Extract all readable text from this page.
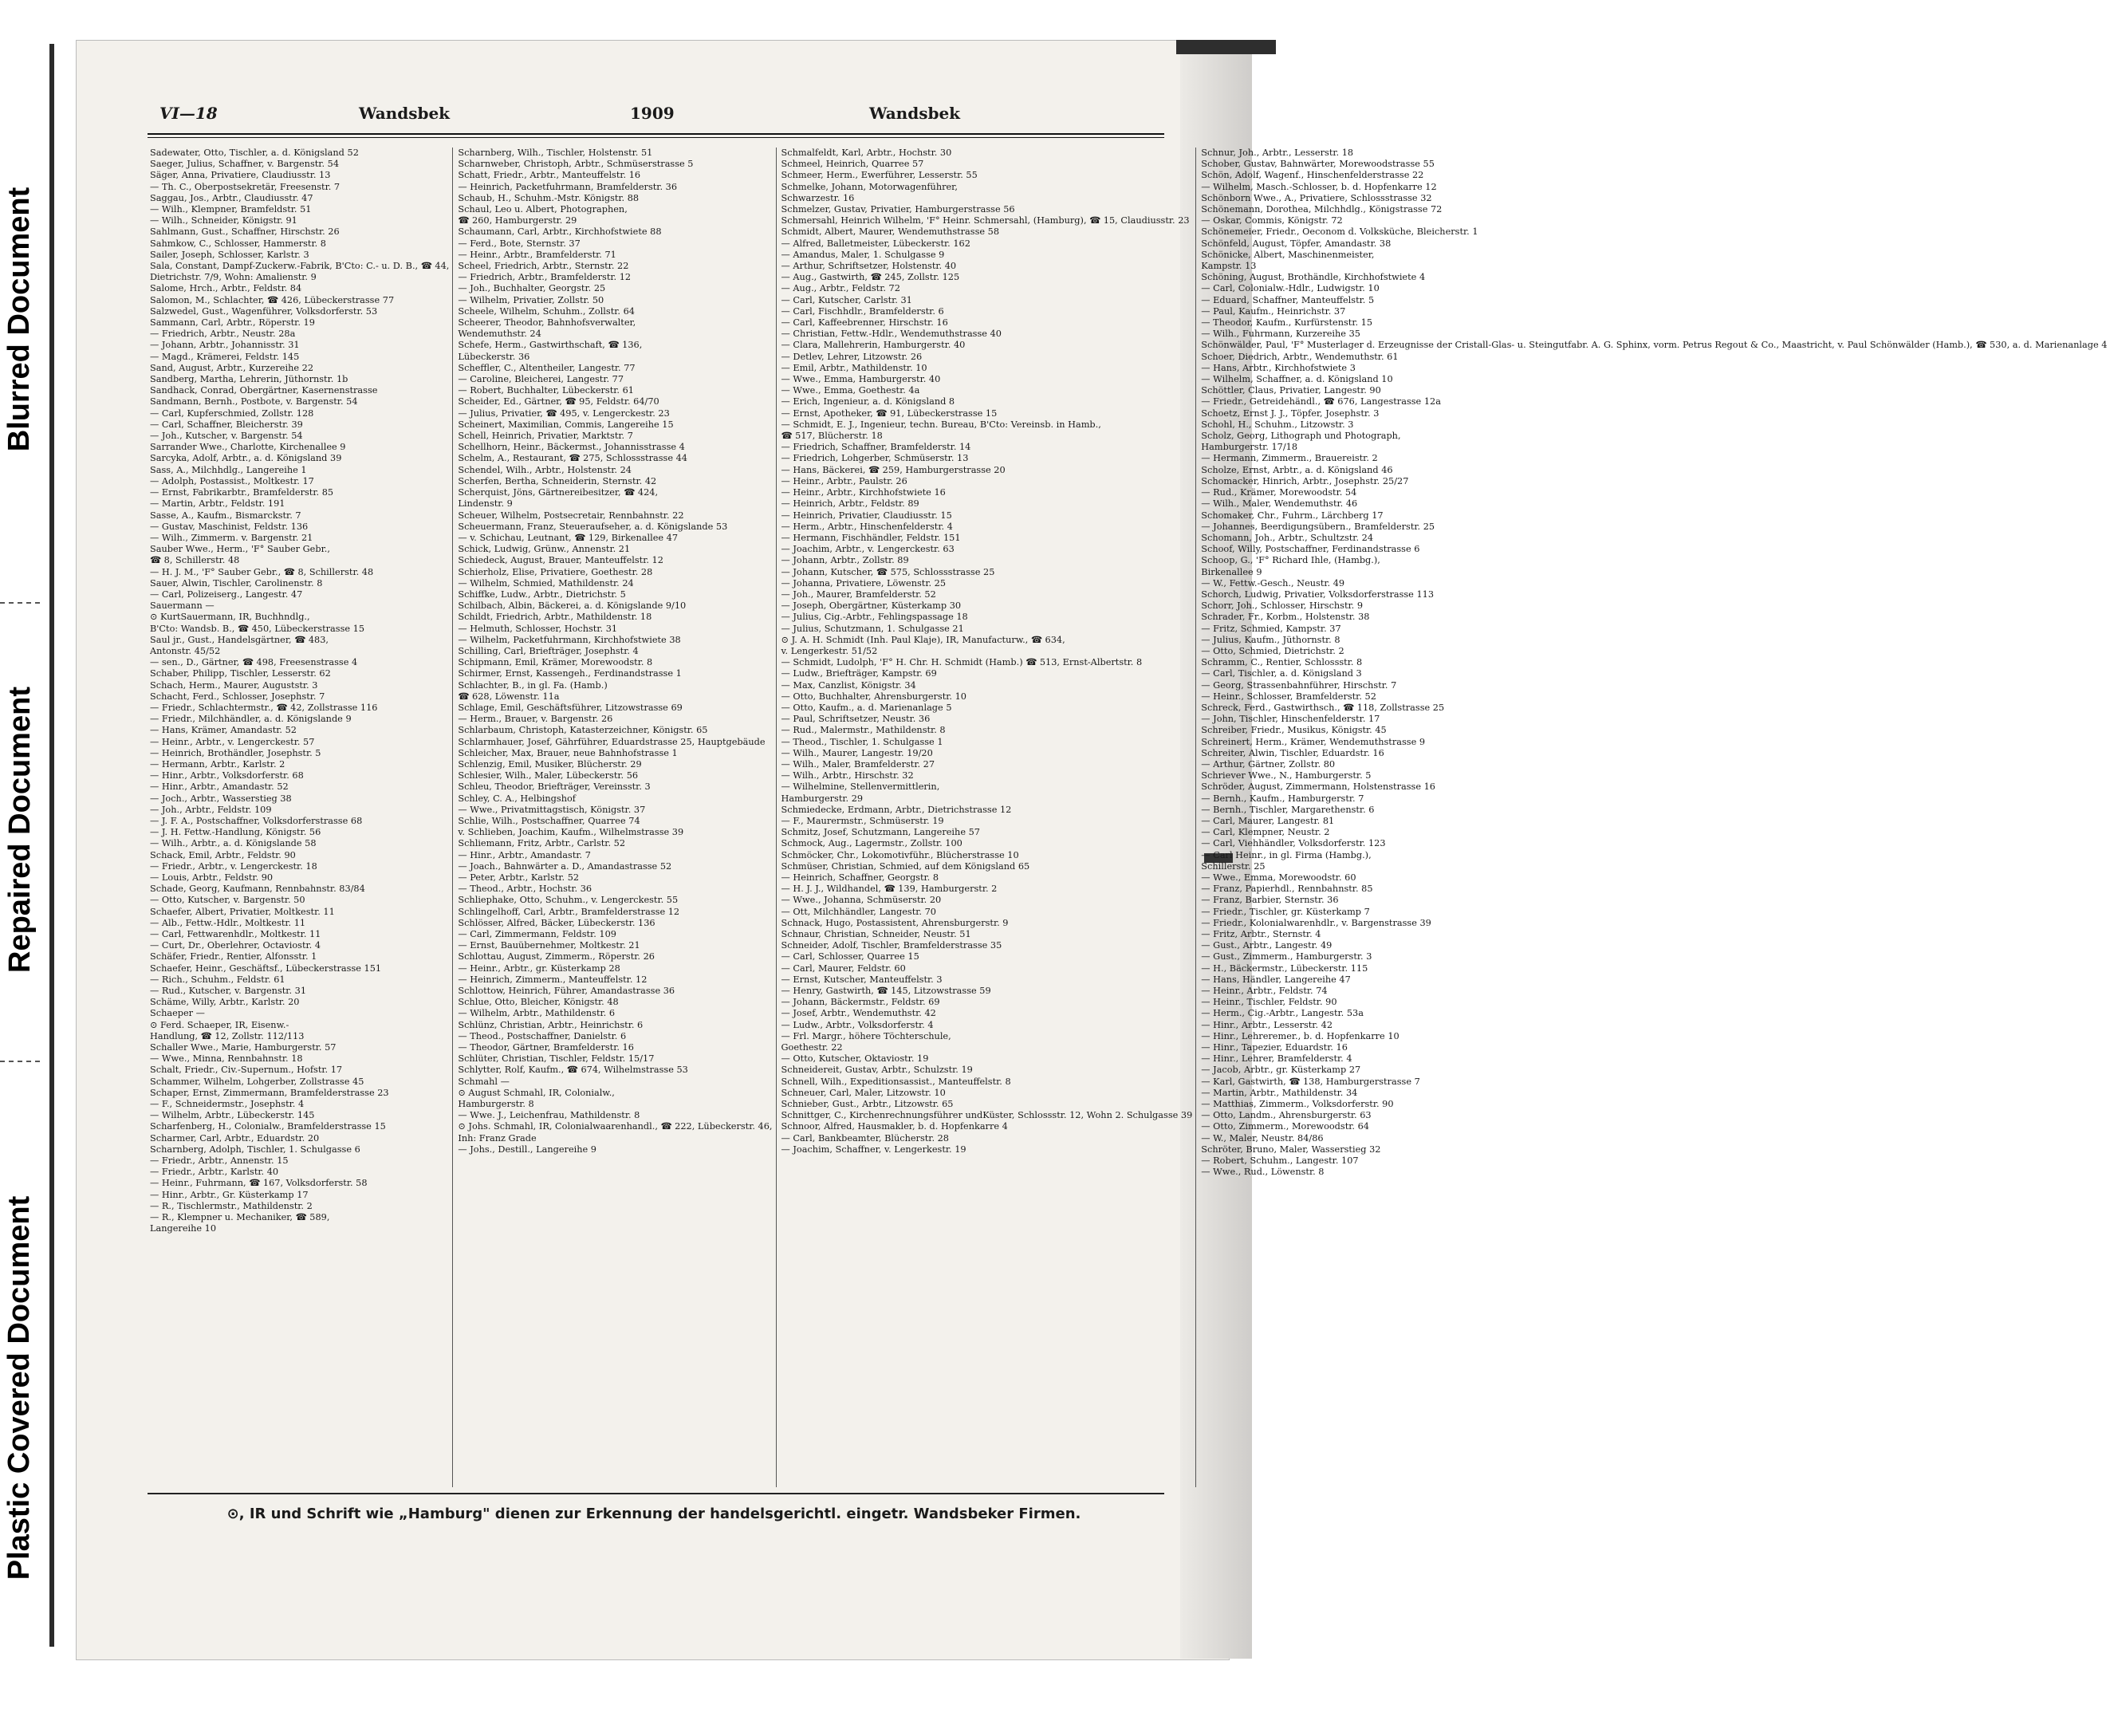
Blurred Document
Repaired Document
Plastic Covered Document
VI—18	Wandsbek	1909	Wandsbek

Sadewater, Otto, Tischler, a. d. Königsland 52

Saeger, Julius, Schaffner, v. Bargenstr. 54

Säger, Anna, Privatiere, Claudiusstr. 13

— Th. C., Oberpostsekretär, Freesenstr. 7

Saggau, Jos., Arbtr., Claudiusstr. 47

— Wilh., Klempner, Bramfeldstr. 51

— Wilh., Schneider, Königstr. 91

Sahlmann, Gust., Schaffner, Hirschstr. 26

Sahmkow, C., Schlosser, Hammerstr. 8

Sailer, Joseph, Schlosser, Karlstr. 3

Sala, Constant, Dampf-Zuckerw.-Fabrik, B'Cto: C.- u. D. B., ☎ 44,

Dietrichstr. 7/9, Wohn: Amalienstr. 9

Salome, Hrch., Arbtr., Feldstr. 84

Salomon, M., Schlachter, ☎ 426, Lübeckerstrasse 77

Salzwedel, Gust., Wagenführer, Volksdorferstr. 53

Sammann, Carl, Arbtr., Röperstr. 19

— Friedrich, Arbtr., Neustr. 28a

— Johann, Arbtr., Johannisstr. 31

— Magd., Krämerei, Feldstr. 145

Sand, August, Arbtr., Kurzereihe 22

Sandberg, Martha, Lehrerin, Jüthornstr. 1b

Sandhack, Conrad, Obergärtner, Kasernenstrasse

Sandmann, Bernh., Postbote, v. Bargenstr. 54

— Carl, Kupferschmied, Zollstr. 128

— Carl, Schaffner, Bleicherstr. 39

— Joh., Kutscher, v. Bargenstr. 54

Sarrander Wwe., Charlotte, Kirchenallee 9

Sarcyka, Adolf, Arbtr., a. d. Königsland 39

Sass, A., Milchhdlg., Langereihe 1

— Adolph, Postassist., Moltkestr. 17

— Ernst, Fabrikarbtr., Bramfelderstr. 85

— Martin, Arbtr., Feldstr. 191

Sasse, A., Kaufm., Bismarckstr. 7

— Gustav, Maschinist, Feldstr. 136

— Wilh., Zimmerm. v. Bargenstr. 21

Sauber Wwe., Herm., 'F° Sauber Gebr.,

☎ 8, Schillerstr. 48

— H. J. M., 'F° Sauber Gebr., ☎ 8, Schillerstr. 48

Sauer, Alwin, Tischler, Carolinenstr. 8

— Carl, Polizeiserg., Langestr. 47

Sauermann —

⊙ KurtSauermann, IR, Buchhndlg.,

B'Cto: Wandsb. B., ☎ 450, Lübeckerstrasse 15

Saul jr., Gust., Handelsgärtner, ☎ 483,

Antonstr. 45/52

— sen., D., Gärtner, ☎ 498, Freesenstrasse 4

Schaber, Philipp, Tischler, Lesserstr. 62

Schach, Herm., Maurer, Auguststr. 3

Schacht, Ferd., Schlosser, Josephstr. 7

— Friedr., Schlachtermstr., ☎ 42, Zollstrasse 116

— Friedr., Milchhändler, a. d. Königslande 9

— Hans, Krämer, Amandastr. 52

— Heinr., Arbtr., v. Lengerckestr. 57

— Heinrich, Brothändler, Josephstr. 5

— Hermann, Arbtr., Karlstr. 2

— Hinr., Arbtr., Volksdorferstr. 68

— Hinr., Arbtr., Amandastr. 52

— Joch., Arbtr., Wasserstieg 38

— Joh., Arbtr., Feldstr. 109

— J. F. A., Postschaffner, Volksdorferstrasse 68

— J. H. Fettw.-Handlung, Königstr. 56

— Wilh., Arbtr., a. d. Königslande 58

Schack, Emil, Arbtr., Feldstr. 90

— Friedr., Arbtr., v. Lengerckestr. 18

— Louis, Arbtr., Feldstr. 90

Schade, Georg, Kaufmann, Rennbahnstr. 83/84

— Otto, Kutscher, v. Bargenstr. 50

Schaefer, Albert, Privatier, Moltkestr. 11

— Alb., Fettw.-Hdlr., Moltkestr. 11

— Carl, Fettwarenhdlr., Moltkestr. 11

— Curt, Dr., Oberlehrer, Octaviostr. 4

Schäfer, Friedr., Rentier, Alfonsstr. 1

Schaefer, Heinr., Geschäftsf., Lübeckerstrasse 151

— Rich., Schuhm., Feldstr. 61

— Rud., Kutscher, v. Bargenstr. 31

Schäme, Willy, Arbtr., Karlstr. 20

Schaeper —

⊙ Ferd. Schaeper, IR, Eisenw.-

Handlung, ☎ 12, Zollstr. 112/113

Schaller Wwe., Marie, Hamburgerstr. 57

— Wwe., Minna, Rennbahnstr. 18

Schalt, Friedr., Civ.-Supernum., Hofstr. 17

Schammer, Wilhelm, Lohgerber, Zollstrasse 45

Schaper, Ernst, Zimmermann, Bramfelderstrasse 23

— F., Schneidermstr., Josephstr. 4

— Wilhelm, Arbtr., Lübeckerstr. 145

Scharfenberg, H., Colonialw., Bramfelderstrasse 15

Scharmer, Carl, Arbtr., Eduardstr. 20

Scharnberg, Adolph, Tischler, 1. Schulgasse 6

— Friedr., Arbtr., Annenstr. 15

— Friedr., Arbtr., Karlstr. 40

— Heinr., Fuhrmann, ☎ 167, Volksdorferstr. 58

— Hinr., Arbtr., Gr. Küsterkamp 17

— R., Tischlermstr., Mathildenstr. 2

— R., Klempner u. Mechaniker, ☎ 589,

Langereihe 10

Scharnberg, Wilh., Tischler, Holstenstr. 51

Scharnweber, Christoph, Arbtr., Schmüserstrasse 5

Schatt, Friedr., Arbtr., Manteuffelstr. 16

— Heinrich, Packetfuhrmann, Bramfelderstr. 36

Schaub, H., Schuhm.-Mstr. Königstr. 88

Schaul, Leo u. Albert, Photographen,

☎ 260, Hamburgerstr. 29

Schaumann, Carl, Arbtr., Kirchhofstwiete 88

— Ferd., Bote, Sternstr. 37

— Heinr., Arbtr., Bramfelderstr. 71

Scheel, Friedrich, Arbtr., Sternstr. 22

— Friedrich, Arbtr., Bramfelderstr. 12

— Joh., Buchhalter, Georgstr. 25

— Wilhelm, Privatier, Zollstr. 50

Scheele, Wilhelm, Schuhm., Zollstr. 64

Scheerer, Theodor, Bahnhofsverwalter,

Wendemuthstr. 24

Schefe, Herm., Gastwirthschaft, ☎ 136,

Lübeckerstr. 36

Scheffler, C., Altentheiler, Langestr. 77

— Caroline, Bleicherei, Langestr. 77

— Robert, Buchhalter, Lübeckerstr. 61

Scheider, Ed., Gärtner, ☎ 95, Feldstr. 64/70

— Julius, Privatier, ☎ 495, v. Lengerckestr. 23

Scheinert, Maximilian, Commis, Langereihe 15

Schell, Heinrich, Privatier, Marktstr. 7

Schellhorn, Heinr., Bäckermst., Johannisstrasse 4

Schelm, A., Restaurant, ☎ 275, Schlossstrasse 44

Schendel, Wilh., Arbtr., Holstenstr. 24

Scherfen, Bertha, Schneiderin, Sternstr. 42

Scherquist, Jöns, Gärtnereibesitzer, ☎ 424,

Lindenstr. 9

Scheuer, Wilhelm, Postsecretair, Rennbahnstr. 22

Scheuermann, Franz, Steueraufseher, a. d. Königslande 53

— v. Schichau, Leutnant, ☎ 129, Birkenallee 47

Schick, Ludwig, Grünw., Annenstr. 21

Schiedeck, August, Brauer, Manteuffelstr. 12

Schierholz, Elise, Privatiere, Goethestr. 28

— Wilhelm, Schmied, Mathildenstr. 24

Schiffke, Ludw., Arbtr., Dietrichstr. 5

Schilbach, Albin, Bäckerei, a. d. Königslande 9/10

Schildt, Friedrich, Arbtr., Mathildenstr. 18

— Helmuth, Schlosser, Hochstr. 31

— Wilhelm, Packetfuhrmann, Kirchhofstwiete 38

Schilling, Carl, Briefträger, Josephstr. 4

Schipmann, Emil, Krämer, Morewoodstr. 8

Schirmer, Ernst, Kassengeh., Ferdinandstrasse 1

Schlachter, B., in gl. Fa. (Hamb.)

☎ 628, Löwenstr. 11a

Schlage, Emil, Geschäftsführer, Litzowstrasse 69

— Herm., Brauer, v. Bargenstr. 26

Schlarbaum, Christoph, Katasterzeichner, Königstr. 65

Schlarmhauer, Josef, Gährführer, Eduardstrasse 25, Hauptgebäude

Schleicher, Max, Brauer, neue Bahnhofstrasse 1

Schlenzig, Emil, Musiker, Blücherstr. 29

Schlesier, Wilh., Maler, Lübeckerstr. 56

Schleu, Theodor, Briefträger, Vereinsstr. 3

Schley, C. A., Helbingshof

— Wwe., Privatmittagstisch, Königstr. 37

Schlie, Wilh., Postschaffner, Quarree 74

v. Schlieben, Joachim, Kaufm., Wilhelmstrasse 39

Schliemann, Fritz, Arbtr., Carlstr. 52

— Hinr., Arbtr., Amandastr. 7

— Joach., Bahnwärter a. D., Amandastrasse 52

— Peter, Arbtr., Karlstr. 52

— Theod., Arbtr., Hochstr. 36

Schliephake, Otto, Schuhm., v. Lengerckestr. 55

Schlingelhoff, Carl, Arbtr., Bramfelderstrasse 12

Schlösser, Alfred, Bäcker, Lübeckerstr. 136

— Carl, Zimmermann, Feldstr. 109

— Ernst, Bauübernehmer, Moltkestr. 21

Schlottau, August, Zimmerm., Röperstr. 26

— Heinr., Arbtr., gr. Küsterkamp 28

— Heinrich, Zimmerm., Manteuffelstr. 12

Schlottow, Heinrich, Führer, Amandastrasse 36

Schlue, Otto, Bleicher, Königstr. 48

— Wilhelm, Arbtr., Mathildenstr. 6

Schlünz, Christian, Arbtr., Heinrichstr. 6

— Theod., Postschaffner, Danielstr. 6

— Theodor, Gärtner, Bramfelderstr. 16

Schlüter, Christian, Tischler, Feldstr. 15/17

Schlytter, Rolf, Kaufm., ☎ 674, Wilhelmstrasse 53

Schmahl —

⊙ August Schmahl, IR, Colonialw.,

Hamburgerstr. 8

— Wwe. J., Leichenfrau, Mathildenstr. 8

⊙ Johs. Schmahl, IR, Colonialwaarenhandl., ☎ 222, Lübeckerstr. 46,

Inh: Franz Grade

— Johs., Destill., Langereihe 9

Schmalfeldt, Karl, Arbtr., Hochstr. 30

Schmeel, Heinrich, Quarree 57

Schmeer, Herm., Ewerführer, Lesserstr. 55

Schmelke, Johann, Motorwagenführer,

Schwarzestr. 16

Schmelzer, Gustav, Privatier, Hamburgerstrasse 56

Schmersahl, Heinrich Wilhelm, 'F° Heinr. Schmersahl, (Hamburg), ☎ 15, Claudiusstr. 23

Schmidt, Albert, Maurer, Wendemuthstrasse 58

— Alfred, Balletmeister, Lübeckerstr. 162

— Amandus, Maler, 1. Schulgasse 9

— Arthur, Schriftsetzer, Holstenstr. 40

— Aug., Gastwirth, ☎ 245, Zollstr. 125

— Aug., Arbtr., Feldstr. 72

— Carl, Kutscher, Carlstr. 31

— Carl, Fischhdlr., Bramfelderstr. 6

— Carl, Kaffeebrenner, Hirschstr. 16

— Christian, Fettw.-Hdlr., Wendemuthstrasse 40

— Clara, Mallehrerin, Hamburgerstr. 40

— Detlev, Lehrer, Litzowstr. 26

— Emil, Arbtr., Mathildenstr. 10

— Wwe., Emma, Hamburgerstr. 40

— Wwe., Emma, Goethestr. 4a

— Erich, Ingenieur, a. d. Königsland 8

— Ernst, Apotheker, ☎ 91, Lübeckerstrasse 15

— Schmidt, E. J., Ingenieur, techn. Bureau, B'Cto: Vereinsb. in Hamb.,

☎ 517, Blücherstr. 18

— Friedrich, Schaffner, Bramfelderstr. 14

— Friedrich, Lohgerber, Schmüserstr. 13

— Hans, Bäckerei, ☎ 259, Hamburgerstrasse 20

— Heinr., Arbtr., Paulstr. 26

— Heinr., Arbtr., Kirchhofstwiete 16

— Heinrich, Arbtr., Feldstr. 89

— Heinrich, Privatier, Claudiusstr. 15

— Herm., Arbtr., Hinschenfelderstr. 4

— Hermann, Fischhändler, Feldstr. 151

— Joachim, Arbtr., v. Lengerckestr. 63

— Johann, Arbtr., Zollstr. 89

— Johann, Kutscher, ☎ 575, Schlossstrasse 25

— Johanna, Privatiere, Löwenstr. 25

— Joh., Maurer, Bramfelderstr. 52

— Joseph, Obergärtner, Küsterkamp 30

— Julius, Cig.-Arbtr., Fehlingspassage 18

— Julius, Schutzmann, 1. Schulgasse 21

⊙ J. A. H. Schmidt (Inh. Paul Klaje), IR, Manufacturw., ☎ 634,

v. Lengerkestr. 51/52

— Schmidt, Ludolph, 'F° H. Chr. H. Schmidt (Hamb.) ☎ 513, Ernst-Albertstr. 8

— Ludw., Briefträger, Kampstr. 69

— Max, Canzlist, Königstr. 34

— Otto, Buchhalter, Ahrensburgerstr. 10

— Otto, Kaufm., a. d. Marienanlage 5

— Paul, Schriftsetzer, Neustr. 36

— Rud., Malermstr., Mathildenstr. 8

— Theod., Tischler, 1. Schulgasse 1

— Wilh., Maurer, Langestr. 19/20

— Wilh., Maler, Bramfelderstr. 27

— Wilh., Arbtr., Hirschstr. 32

— Wilhelmine, Stellenvermittlerin,

Hamburgerstr. 29

Schmiedecke, Erdmann, Arbtr., Dietrichstrasse 12

— F., Maurermstr., Schmüserstr. 19

Schmitz, Josef, Schutzmann, Langereihe 57

Schmock, Aug., Lagermstr., Zollstr. 100

Schmöcker, Chr., Lokomotivführ., Blücherstrasse 10

Schmüser, Christian, Schmied, auf dem Königsland 65

— Heinrich, Schaffner, Georgstr. 8

— H. J. J., Wildhandel, ☎ 139, Hamburgerstr. 2

— Wwe., Johanna, Schmüserstr. 20

— Ott, Milchhändler, Langestr. 70

Schnack, Hugo, Postassistent, Ahrensburgerstr. 9

Schnaur, Christian, Schneider, Neustr. 51

Schneider, Adolf, Tischler, Bramfelderstrasse 35

— Carl, Schlosser, Quarree 15

— Carl, Maurer, Feldstr. 60

— Ernst, Kutscher, Manteuffelstr. 3

— Henry, Gastwirth, ☎ 145, Litzowstrasse 59

— Johann, Bäckermstr., Feldstr. 69

— Josef, Arbtr., Wendemuthstr. 42

— Ludw., Arbtr., Volksdorferstr. 4

— Frl. Margr., höhere Töchterschule,

Goethestr. 22

— Otto, Kutscher, Oktaviostr. 19

Schneidereit, Gustav, Arbtr., Schulzstr. 19

Schnell, Wilh., Expeditionsassist., Manteuffelstr. 8

Schneuer, Carl, Maler, Litzowstr. 10

Schnieber, Gust., Arbtr., Litzowstr. 65

Schnittger, C., Kirchenrechnungsführer undKüster, Schlossstr. 12, Wohn 2. Schulgasse 39

Schnoor, Alfred, Hausmakler, b. d. Hopfenkarre 4

— Carl, Bankbeamter, Blücherstr. 28

— Joachim, Schaffner, v. Lengerkestr. 19

Schnur, Joh., Arbtr., Lesserstr. 18

Schober, Gustav, Bahnwärter, Morewoodstrasse 55

Schön, Adolf, Wagenf., Hinschenfelderstrasse 22

— Wilhelm, Masch.-Schlosser, b. d. Hopfenkarre 12

Schönborn Wwe., A., Privatiere, Schlossstrasse 32

Schönemann, Dorothea, Milchhdlg., Königstrasse 72

— Oskar, Commis, Königstr. 72

Schönemeier, Friedr., Oeconom d. Volksküche, Bleicherstr. 1

Schönfeld, August, Töpfer, Amandastr. 38

Schönicke, Albert, Maschinenmeister,

Kampstr. 13

Schöning, August, Brothändle, Kirchhofstwiete 4

— Carl, Colonialw.-Hdlr., Ludwigstr. 10

— Eduard, Schaffner, Manteuffelstr. 5

— Paul, Kaufm., Heinrichstr. 37

— Theodor, Kaufm., Kurfürstenstr. 15

— Wilh., Fuhrmann, Kurzereihe 35

Schönwälder, Paul, 'F° Musterlager d. Erzeugnisse der Cristall-Glas- u. Steingutfabr. A. G. Sphinx, vorm. Petrus Regout & Co., Maastricht, v. Paul Schönwälder (Hamb.), ☎ 530, a. d. Marienanlage 4

Schoer, Diedrich, Arbtr., Wendemuthstr. 61

— Hans, Arbtr., Kirchhofstwiete 3

— Wilhelm, Schaffner, a. d. Königsland 10

Schöttler, Claus, Privatier, Langestr. 90

— Friedr., Getreidehändl., ☎ 676, Langestrasse 12a

Schoetz, Ernst J. J., Töpfer, Josephstr. 3

Schohl, H., Schuhm., Litzowstr. 3

Scholz, Georg, Lithograph und Photograph,

Hamburgerstr. 17/18

— Hermann, Zimmerm., Brauereistr. 2

Scholze, Ernst, Arbtr., a. d. Königsland 46

Schomacker, Hinrich, Arbtr., Josephstr. 25/27

— Rud., Krämer, Morewoodstr. 54

— Wilh., Maler, Wendemuthstr. 46

Schomaker, Chr., Fuhrm., Lärchberg 17

— Johannes, Beerdigungsübern., Bramfelderstr. 25

Schomann, Joh., Arbtr., Schultzstr. 24

Schoof, Willy, Postschaffner, Ferdinandstrasse 6

Schoop, G., 'F° Richard Ihle, (Hambg.),

Birkenallee 9

— W., Fettw.-Gesch., Neustr. 49

Schorch, Ludwig, Privatier, Volksdorferstrasse 113

Schorr, Joh., Schlosser, Hirschstr. 9

Schrader, Fr., Korbm., Holstenstr. 38

— Fritz, Schmied, Kampstr. 37

— Julius, Kaufm., Jüthornstr. 8

— Otto, Schmied, Dietrichstr. 2

Schramm, C., Rentier, Schlossstr. 8

— Carl, Tischler, a. d. Königsland 3

— Georg, Strassenbahnführer, Hirschstr. 7

— Heinr., Schlosser, Bramfelderstr. 52

Schreck, Ferd., Gastwirthsch., ☎ 118, Zollstrasse 25

— John, Tischler, Hinschenfelderstr. 17

Schreiber, Friedr., Musikus, Königstr. 45

Schreinert, Herm., Krämer, Wendemuthstrasse 9

Schreiter, Alwin, Tischler, Eduardstr. 16

— Arthur, Gärtner, Zollstr. 80

Schriever Wwe., N., Hamburgerstr. 5

Schröder, August, Zimmermann, Holstenstrasse 16

— Bernh., Kaufm., Hamburgerstr. 7

— Bernh., Tischler, Margarethenstr. 6

— Carl, Maurer, Langestr. 81

— Carl, Klempner, Neustr. 2

— Carl, Viehhändler, Volksdorferstr. 123

— Carl Heinr., in gl. Firma (Hambg.),

Schillerstr. 25

— Wwe., Emma, Morewoodstr. 60

— Franz, Papierhdl., Rennbahnstr. 85

— Franz, Barbier, Sternstr. 36

— Friedr., Tischler, gr. Küsterkamp 7

— Friedr., Kolonialwarenhdlr., v. Bargenstrasse 39

— Fritz, Arbtr., Sternstr. 4

— Gust., Arbtr., Langestr. 49

— Gust., Zimmerm., Hamburgerstr. 3

— H., Bäckermstr., Lübeckerstr. 115

— Hans, Händler, Langereihe 47

— Heinr., Arbtr., Feldstr. 74

— Heinr., Tischler, Feldstr. 90

— Herm., Cig.-Arbtr., Langestr. 53a

— Hinr., Arbtr., Lesserstr. 42

— Hinr., Lehreremer., b. d. Hopfenkarre 10

— Hinr., Tapezier, Eduardstr. 16

— Hinr., Lehrer, Bramfelderstr. 4

— Jacob, Arbtr., gr. Küsterkamp 27

— Karl, Gastwirth, ☎ 138, Hamburgerstrasse 7

— Martin, Arbtr., Mathildenstr. 34

— Matthias, Zimmerm., Volksdorferstr. 90

— Otto, Landm., Ahrensburgerstr. 63

— Otto, Zimmerm., Morewoodstr. 64

— W., Maler, Neustr. 84/86

Schröter, Bruno, Maler, Wasserstieg 32

— Robert, Schuhm., Langestr. 107

— Wwe., Rud., Löwenstr. 8

⊙, IR und Schrift wie „Hamburg" dienen zur Erkennung der handelsgerichtl. eingetr. Wandsbeker Firmen.
